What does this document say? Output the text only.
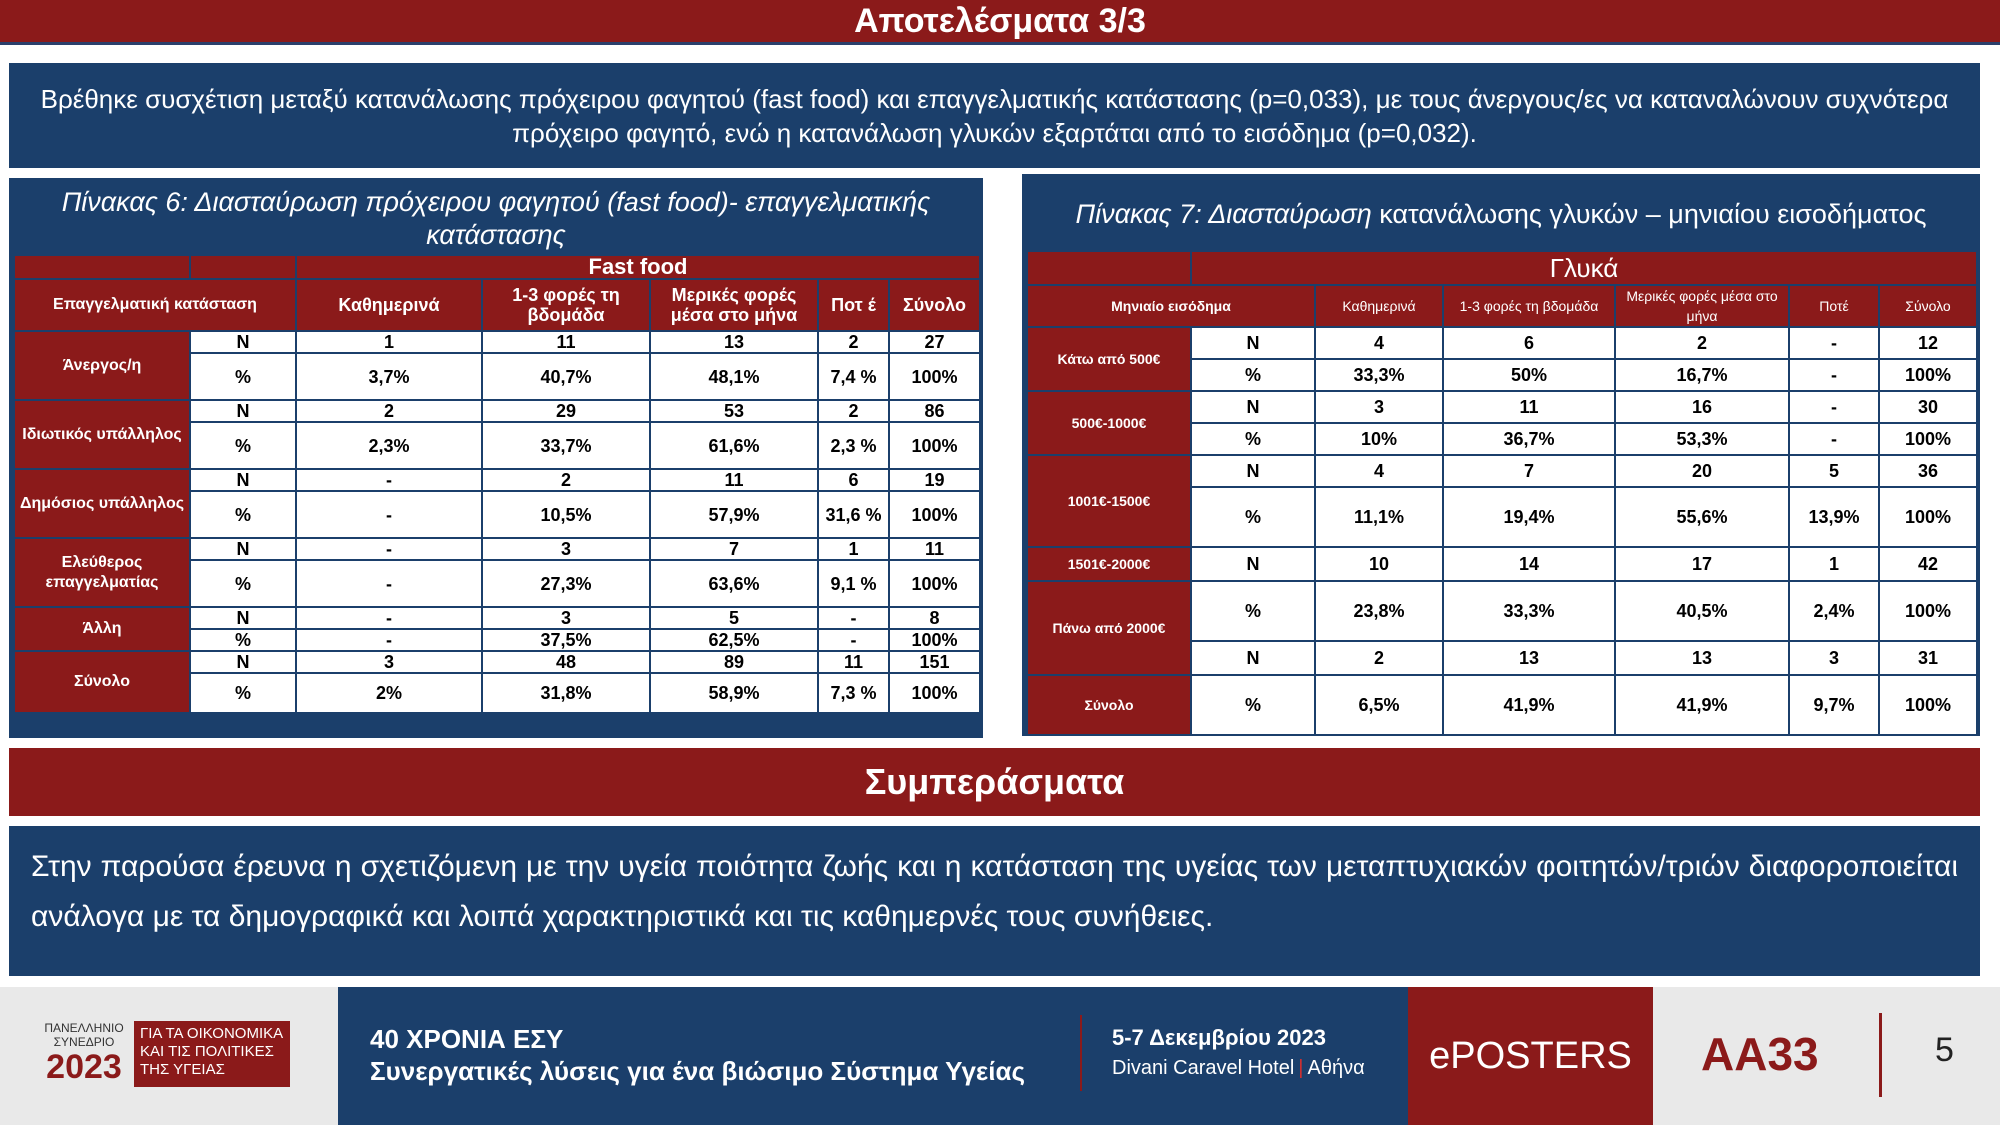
Αποτελέσματα 3/3
Βρέθηκε συσχέτιση μεταξύ κατανάλωσης πρόχειρου φαγητού (fast food) και επαγγελματικής κατάστασης (p=0,033), με τους άνεργους/ες να καταναλώνουν συχνότερα πρόχειρο φαγητό, ενώ η κατανάλωση γλυκών εξαρτάται από το εισόδημα (p=0,032).
Πίνακας 6: Διασταύρωση πρόχειρου φαγητού (fast food)- επαγγελματικής κατάστασης
		Fast food				
Επαγγελματική κατάσταση		Καθημερινά	1-3 φορές τη βδομάδα	Μερικές φορές μέσα στο μήνα	Ποτ έ	Σύνολο
Άνεργος/η	N	1	11	13	2	27
	%	3,7%	40,7%	48,1%	7,4 %	100%
Ιδιωτικός υπάλληλος	N	2	29	53	2	86
	%	2,3%	33,7%	61,6%	2,3 %	100%
Δημόσιος υπάλληλος	N	-	2	11	6	19
	%	-	10,5%	57,9%	31,6 %	100%
Ελεύθερος επαγγελματίας	N	-	3	7	1	11
	%	-	27,3%	63,6%	9,1 %	100%
Άλλη	N	-	3	5	-	8
	%	-	37,5%	62,5%	-	100%
Σύνολο	N	3	48	89	11	151
	%	2%	31,8%	58,9%	7,3 %	100%
Πίνακας 7: Διασταύρωση κατανάλωσης γλυκών – μηνιαίου εισοδήματος
	Γλυκά					
Μηνιαίο εισόδημα		Καθημερινά	1-3 φορές τη βδομάδα	Μερικές φορές μέσα στο μήνα	Ποτέ	Σύνολο
Κάτω από 500€	N	4	6	2	-	12
	%	33,3%	50%	16,7%	-	100%
500€-1000€	N	3	11	16	-	30
	%	10%	36,7%	53,3%	-	100%
1001€-1500€	N	4	7	20	5	36
	%	11,1%	19,4%	55,6%	13,9%	100%
1501€-2000€	N	10	14	17	1	42
Πάνω από 2000€	%	23,8%	33,3%	40,5%	2,4%	100%
	N	2	13	13	3	31
Σύνολο	%	6,5%	41,9%	41,9%	9,7%	100%
Συμπεράσματα
Στην παρούσα έρευνα η σχετιζόμενη με την υγεία ποιότητα ζωής και η κατάσταση της υγείας των μεταπτυχιακών φοιτητών/τριών διαφοροποιείται ανάλογα με τα δημογραφικά και λοιπά χαρακτηριστικά και τις καθημερνές τους συνήθειες.
ΠΑΝΕΛΛΗΝΙΟ
ΣΥΝΕΔΡΙΟ
2023
ΓΙΑ ΤΑ ΟΙΚΟΝΟΜΙΚΑ ΚΑΙ ΤΙΣ ΠΟΛΙΤΙΚΕΣ ΤΗΣ ΥΓΕΙΑΣ
40 ΧΡΟΝΙΑ ΕΣΥ
Συνεργατικές λύσεις για ένα βιώσιμο Σύστημα Υγείας
5-7 Δεκεμβρίου 2023
Divani Caravel Hotel | Αθήνα	ePOSTERS	AA33	5
